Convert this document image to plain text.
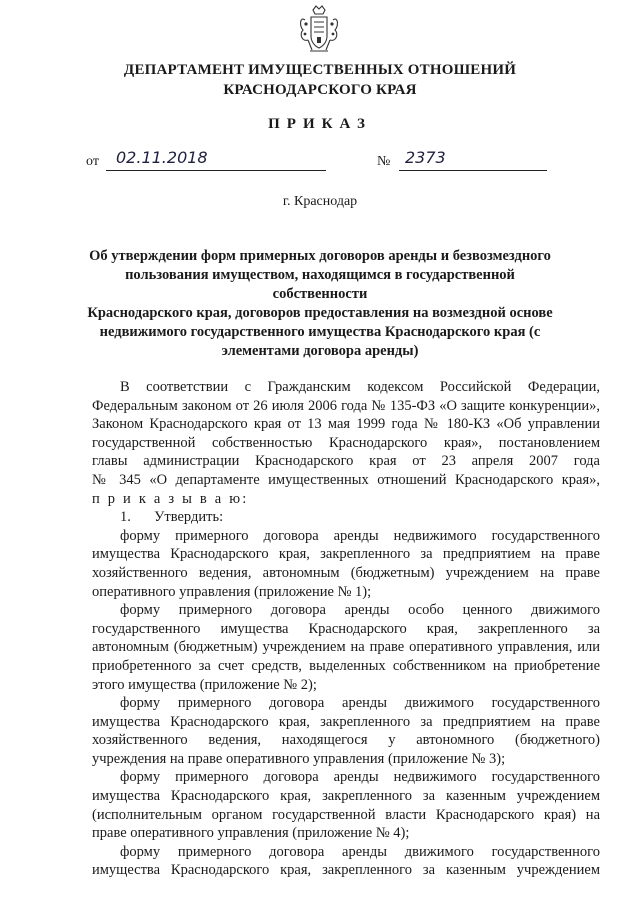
ДЕПАРТАМЕНТ ИМУЩЕСТВЕННЫХ ОТНОШЕНИЙ
КРАСНОДАРСКОГО КРАЯ
ПРИКАЗ
от 02.11.2018	№ 2373
г. Краснодар
Об утверждении форм примерных договоров аренды и безвозмездного
пользования имуществом, находящимся в государственной собственности
Краснодарского края, договоров предоставления на возмездной основе
недвижимого государственного имущества Краснодарского края (с
элементами договора аренды)
В соответствии с Гражданским кодексом Российской Федерации,
Федеральным законом от 26 июля 2006 года № 135-ФЗ «О защите конкуренции»,
Законом Краснодарского края от 13 мая 1999 года № 180-КЗ «Об управлении
государственной собственностью Краснодарского края», постановлением
главы администрации Краснодарского края от 23 апреля 2007 года
№ 345 «О департаменте имущественных отношений Краснодарского края»,
п р и к а з ы в а ю:
1. Утвердить:
форму примерного договора аренды недвижимого государственного
имущества Краснодарского края, закрепленного за предприятием на праве
хозяйственного ведения, автономным (бюджетным) учреждением на праве
оперативного управления (приложение № 1);
форму примерного договора аренды особо ценного движимого
государственного имущества Краснодарского края, закрепленного за
автономным (бюджетным) учреждением на праве оперативного управления, или
приобретенного за счет средств, выделенных собственником на приобретение
этого имущества (приложение № 2);
форму примерного договора аренды движимого государственного
имущества Краснодарского края, закрепленного за предприятием на праве
хозяйственного ведения, находящегося у автономного (бюджетного)
учреждения на праве оперативного управления (приложение № 3);
форму примерного договора аренды недвижимого государственного
имущества Краснодарского края, закрепленного за казенным учреждением
(исполнительным органом государственной власти Краснодарского края) на
праве оперативного управления (приложение № 4);
форму примерного договора аренды движимого государственного
имущества Краснодарского края, закрепленного за казенным учреждением
